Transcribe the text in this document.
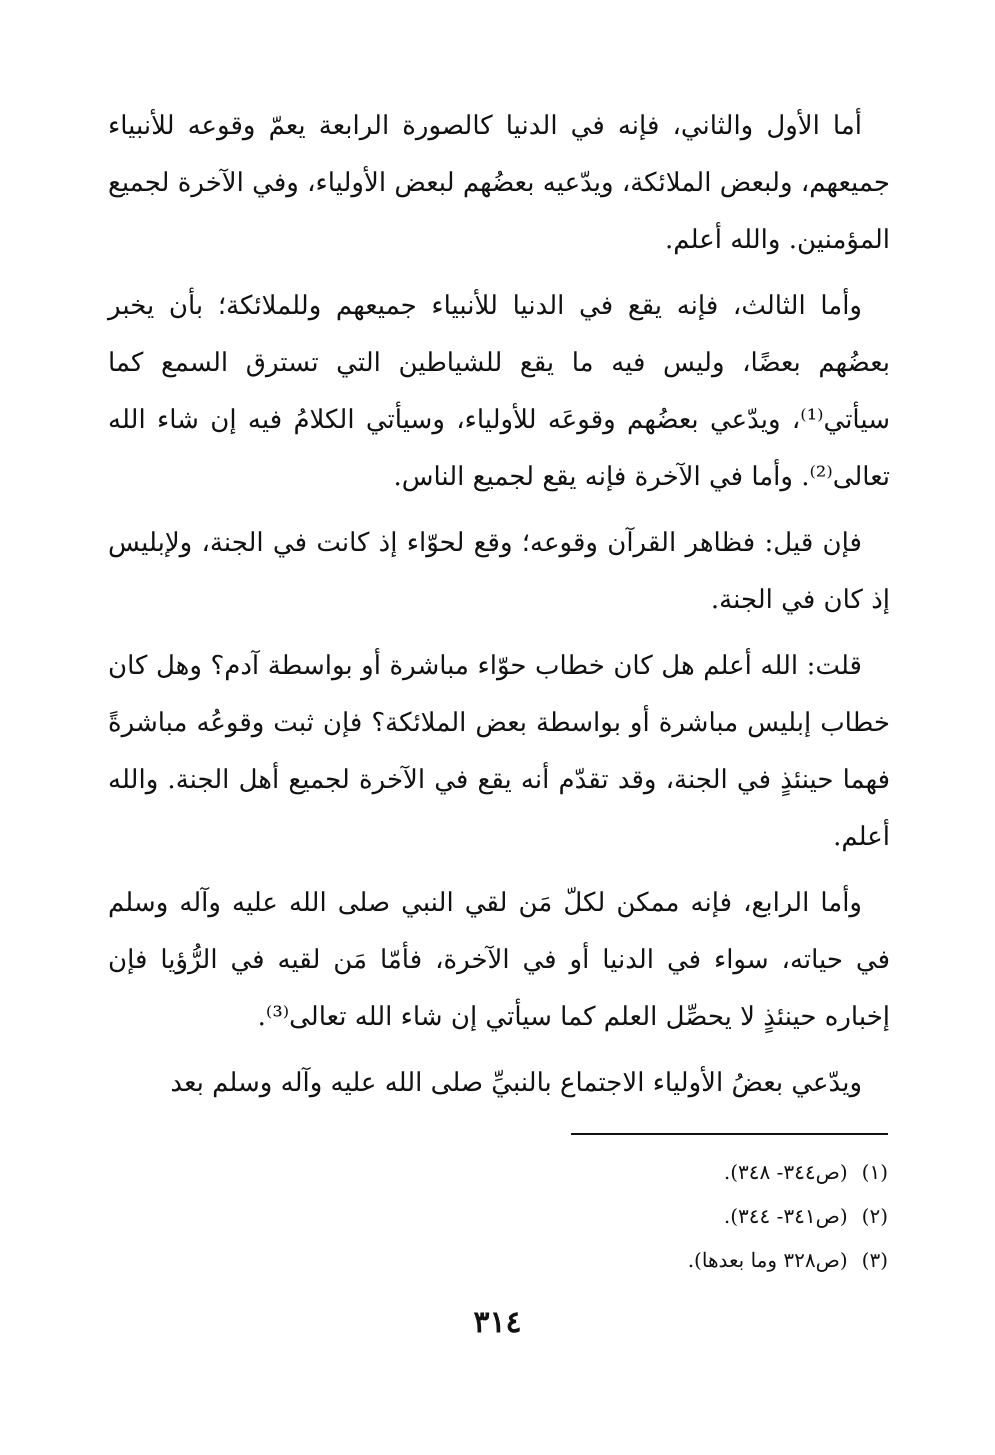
أما الأول والثاني، فإنه في الدنيا كالصورة الرابعة يعمّ وقوعه للأنبياء جميعهم، ولبعض الملائكة، ويدّعيه بعضُهم لبعض الأولياء، وفي الآخرة لجميع المؤمنين. والله أعلم.

وأما الثالث، فإنه يقع في الدنيا للأنبياء جميعهم وللملائكة؛ بأن يخبر بعضُهم بعضًا، وليس فيه ما يقع للشياطين التي تسترق السمع كما سيأتي⁽¹⁾، ويدّعي بعضُهم وقوعَه للأولياء، وسيأتي الكلامُ فيه إن شاء الله تعالى⁽²⁾. وأما في الآخرة فإنه يقع لجميع الناس.

فإن قيل: فظاهر القرآن وقوعه؛ وقع لحوّاء إذ كانت في الجنة، ولإبليس إذ كان في الجنة.

قلت: الله أعلم هل كان خطاب حوّاء مباشرة أو بواسطة آدم؟ وهل كان خطاب إبليس مباشرة أو بواسطة بعض الملائكة؟ فإن ثبت وقوعُه مباشرةً فهما حينئذٍ في الجنة، وقد تقدّم أنه يقع في الآخرة لجميع أهل الجنة. والله أعلم.

وأما الرابع، فإنه ممكن لكلّ مَن لقي النبي صلى الله عليه وآله وسلم في حياته، سواء في الدنيا أو في الآخرة، فأمّا مَن لقيه في الرُّؤيا فإن إخباره حينئذٍ لا يحصِّل العلم كما سيأتي إن شاء الله تعالى⁽³⁾.

ويدّعي بعضُ الأولياء الاجتماع بالنبيِّ صلى الله عليه وآله وسلم بعد

(١)(ص٣٤٤- ٣٤٨).
(٢)(ص٣٤١- ٣٤٤).
(٣)(ص٣٢٨ وما بعدها).
٣١٤
